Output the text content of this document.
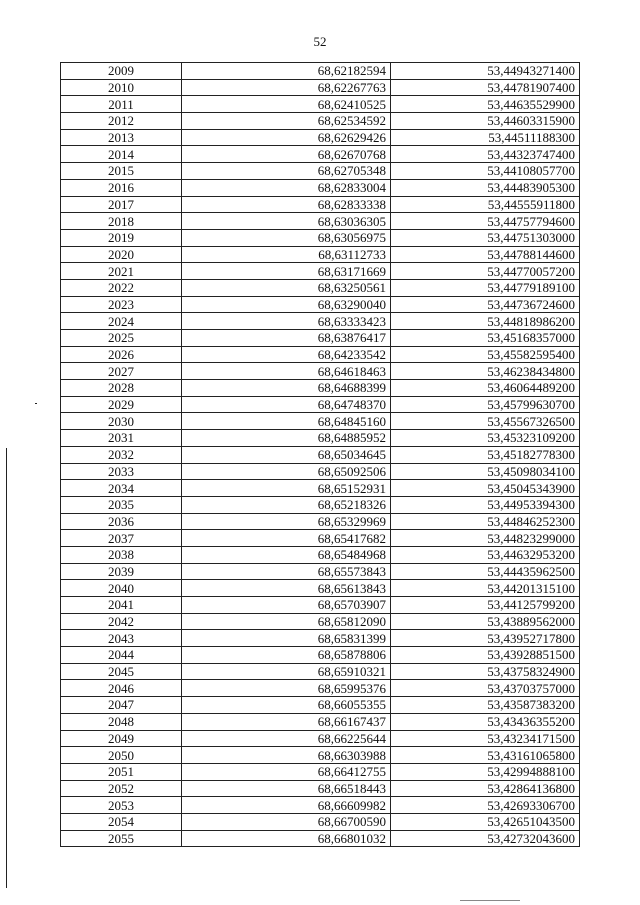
52
2009	68,62182594	53,44943271400
2010	68,62267763	53,44781907400
2011	68,62410525	53,44635529900
2012	68,62534592	53,44603315900
2013	68,62629426	53,44511188300
2014	68,62670768	53,44323747400
2015	68,62705348	53,44108057700
2016	68,62833004	53,44483905300
2017	68,62833338	53,44555911800
2018	68,63036305	53,44757794600
2019	68,63056975	53,44751303000
2020	68,63112733	53,44788144600
2021	68,63171669	53,44770057200
2022	68,63250561	53,44779189100
2023	68,63290040	53,44736724600
2024	68,63333423	53,44818986200
2025	68,63876417	53,45168357000
2026	68,64233542	53,45582595400
2027	68,64618463	53,46238434800
2028	68,64688399	53,46064489200
2029	68,64748370	53,45799630700
2030	68,64845160	53,45567326500
2031	68,64885952	53,45323109200
2032	68,65034645	53,45182778300
2033	68,65092506	53,45098034100
2034	68,65152931	53,45045343900
2035	68,65218326	53,44953394300
2036	68,65329969	53,44846252300
2037	68,65417682	53,44823299000
2038	68,65484968	53,44632953200
2039	68,65573843	53,44435962500
2040	68,65613843	53,44201315100
2041	68,65703907	53,44125799200
2042	68,65812090	53,43889562000
2043	68,65831399	53,43952717800
2044	68,65878806	53,43928851500
2045	68,65910321	53,43758324900
2046	68,65995376	53,43703757000
2047	68,66055355	53,43587383200
2048	68,66167437	53,43436355200
2049	68,66225644	53,43234171500
2050	68,66303988	53,43161065800
2051	68,66412755	53,42994888100
2052	68,66518443	53,42864136800
2053	68,66609982	53,42693306700
2054	68,66700590	53,42651043500
2055	68,66801032	53,42732043600
